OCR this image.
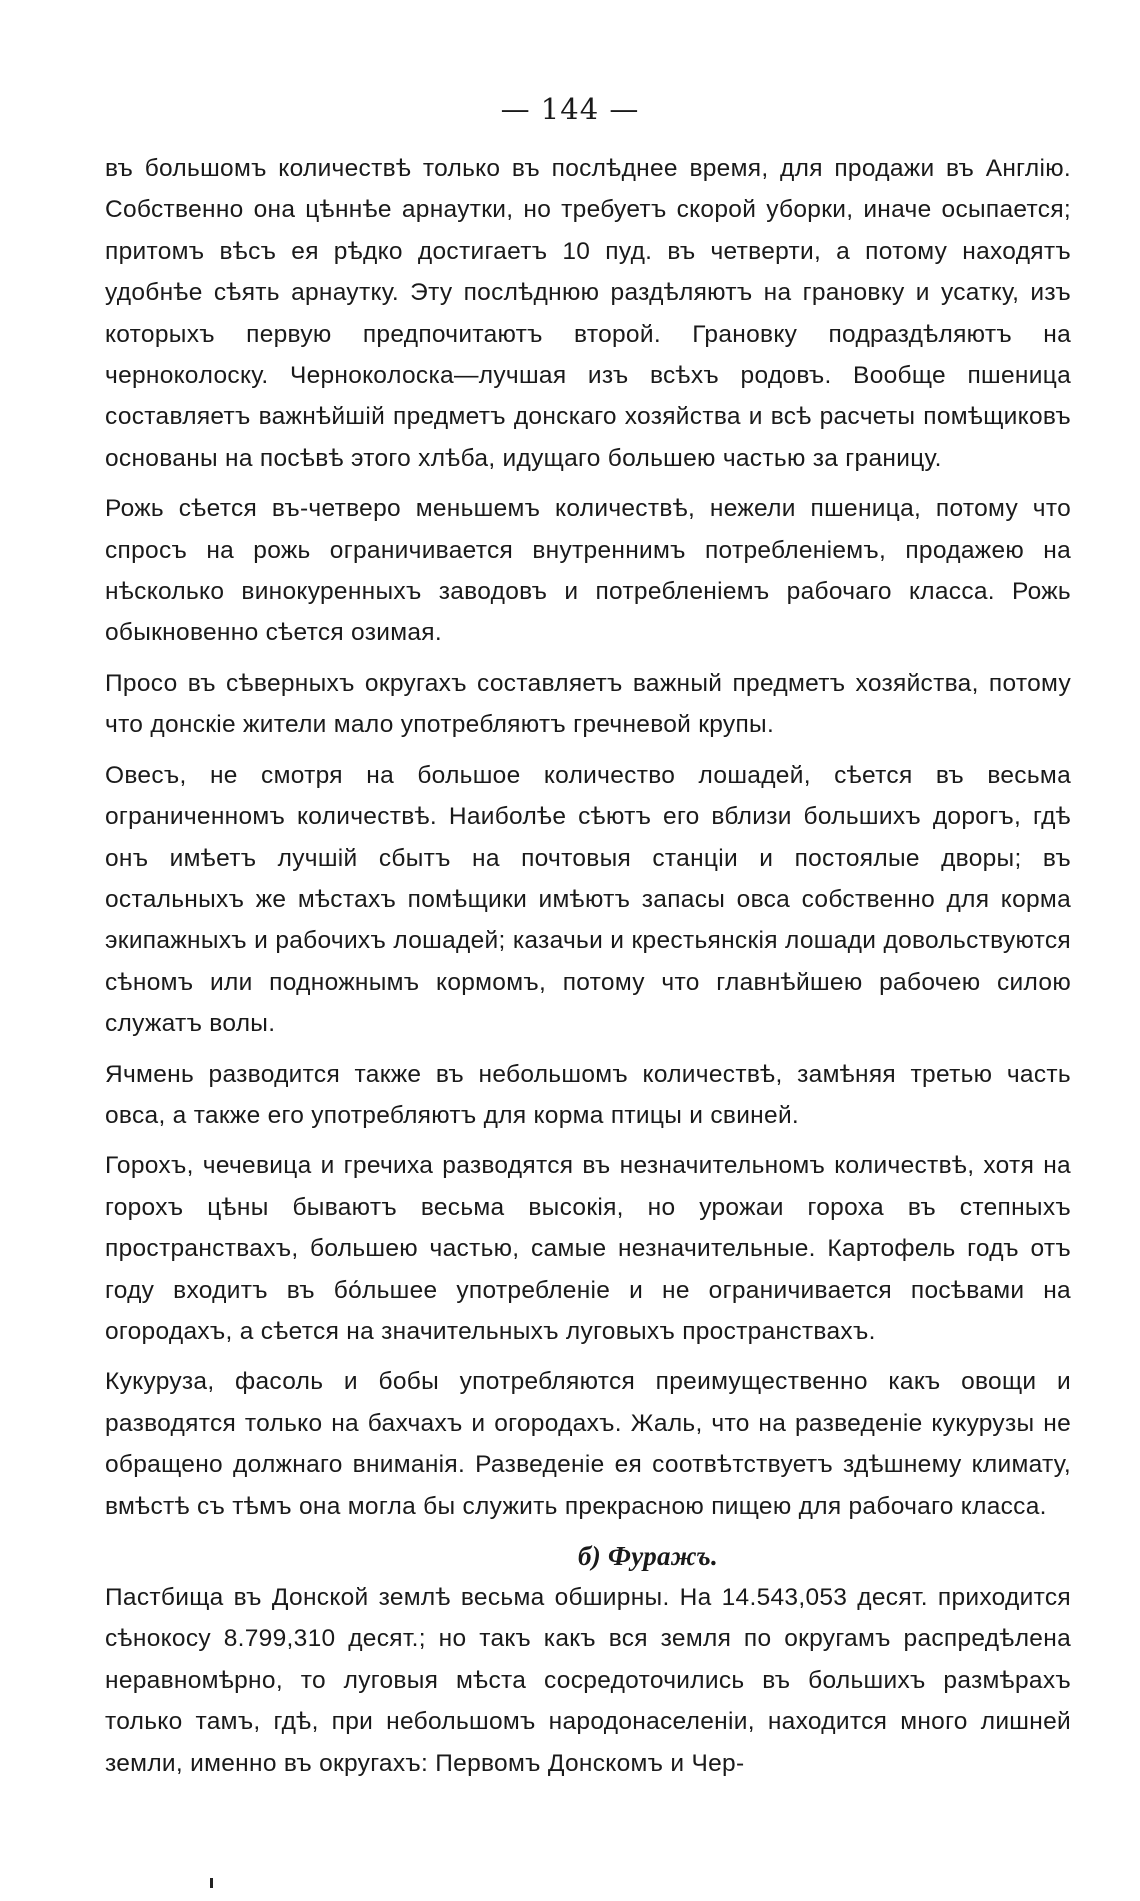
— 144 —

въ большомъ количествѣ только въ послѣднее время, для продажи въ Англію. Собственно она цѣннѣе арнаутки, но требуетъ скорой уборки, иначе осыпается; притомъ вѣсъ ея рѣдко достигаетъ 10 пуд. въ четверти, а потому находятъ удобнѣе сѣять арнаутку. Эту послѣднюю раздѣляютъ на грановку и усатку, изъ которыхъ первую предпочитаютъ второй. Грановку подраздѣляютъ на чернокoлоску. Чернокoлоска—лучшая изъ всѣхъ родовъ. Вообще пшеница составляетъ важнѣйшій предметъ донскаго хозяйства и всѣ расчеты помѣщиковъ основаны на посѣвѣ этого хлѣба, идущаго большею частью за границу.

Рожь сѣется въ-четверо меньшемъ количествѣ, нежели пшеница, потому что спросъ на рожь ограничивается внутреннимъ потребленіемъ, продажею на нѣсколько винокуренныхъ заводовъ и потребленіемъ рабочаго класса. Рожь обыкновенно сѣется озимая.

Просо въ сѣверныхъ округахъ составляетъ важный предметъ хозяйства, потому что донскіе жители мало употребляютъ гречневой крупы.

Овесъ, не смотря на большое количество лошадей, сѣется въ весьма ограниченномъ количествѣ. Наиболѣе сѣютъ его вблизи большихъ дорогъ, гдѣ онъ имѣетъ лучшій сбытъ на почтовыя станціи и постоялые дворы; въ остальныхъ же мѣстахъ помѣщики имѣютъ запасы овса собственно для корма экипажныхъ и рабочихъ лошадей; казачьи и крестьянскія лошади довольствуются сѣномъ или подножнымъ кормомъ, потому что главнѣйшею рабочею силою служатъ волы.

Ячмень разводится также въ небольшомъ количествѣ, замѣняя третью часть овса, а также его употребляютъ для корма птицы и свиней.

Горохъ, чечевица и гречиха разводятся въ незначительномъ количествѣ, хотя на горохъ цѣны бываютъ весьма высокія, но урожаи гороха въ степныхъ пространствахъ, большею частью, самые незначительные. Картофель годъ отъ году входитъ въ бо́льшее употребленіе и не ограничивается посѣвами на огородахъ, а сѣется на значительныхъ луговыхъ пространствахъ.

Кукуруза, фасоль и бобы употребляются преимущественно какъ овощи и разводятся только на бахчахъ и огородахъ. Жаль, что на разведеніе кукурузы не обращено должнаго вниманія. Разведеніе ея соотвѣтствуетъ здѣшнему климату, вмѣстѣ съ тѣмъ она могла бы служить прекрасною пищею для рабочаго класса.

б) Фуражъ.

Пастбища въ Донской землѣ весьма обширны. На 14.543,053 десят. приходится сѣнокосу 8.799,310 десят.; но такъ какъ вся земля по округамъ распредѣлена неравномѣрно, то луговыя мѣста сосредоточились въ большихъ размѣрахъ только тамъ, гдѣ, при небольшомъ народонаселеніи, находится много лишней земли, именно въ округахъ: Первомъ Донскомъ и Чер-
